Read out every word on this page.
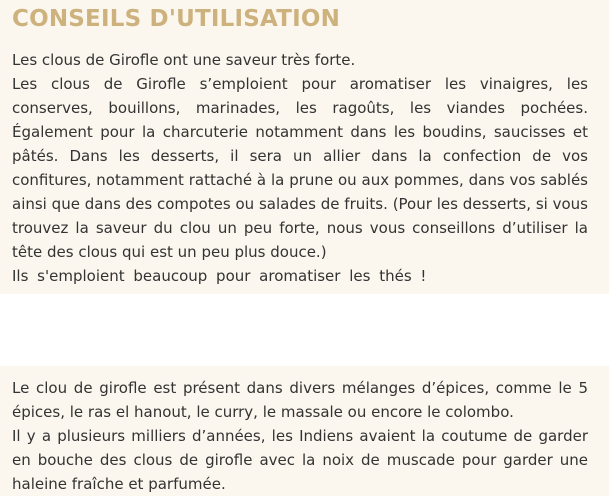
CONSEILS D'UTILISATION

Les clous de Girofle ont une saveur très forte.

Les clous de Girofle s’emploient pour aromatiser les vinaigres, les conserves, bouillons, marinades, les ragoûts, les viandes pochées. Également pour la charcuterie notamment dans les boudins, saucisses et pâtés. Dans les desserts, il sera un allier dans la confection de vos confitures, notamment rattaché à la prune ou aux pommes, dans vos sablés ainsi que dans des compotes ou salades de fruits. (Pour les desserts, si vous trouvez la saveur du clou un peu forte, nous vous conseillons d’utiliser la tête des clous qui est un peu plus douce.)

Ils s'emploient beaucoup pour aromatiser les thés !

Le clou de girofle est présent dans divers mélanges d’épices, comme le 5 épices, le ras el hanout, le curry, le massale ou encore le colombo.

Il y a plusieurs milliers d’années, les Indiens avaient la coutume de garder en bouche des clous de girofle avec la noix de muscade pour garder une haleine fraîche et parfumée.
